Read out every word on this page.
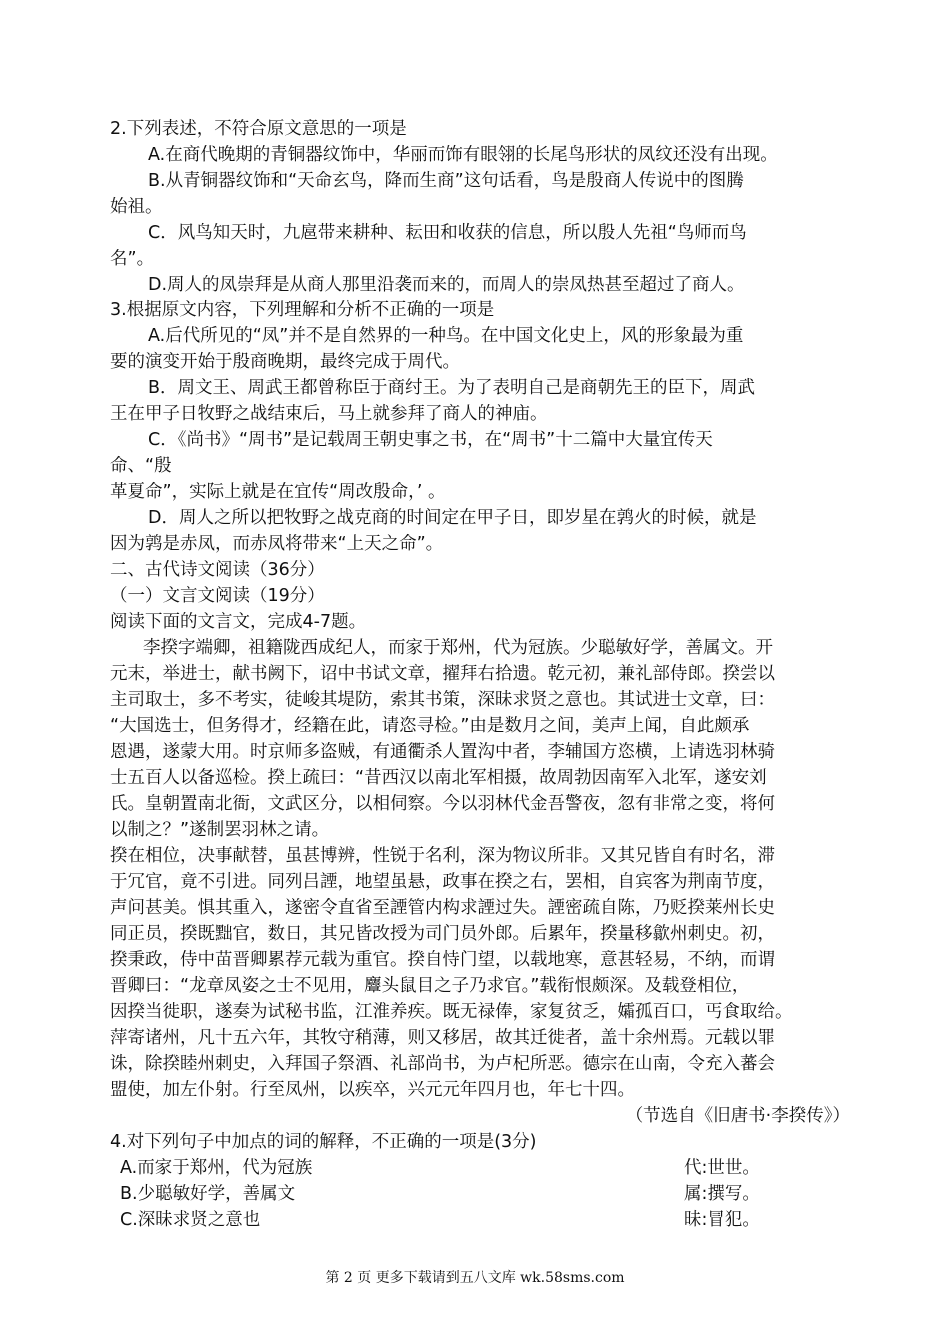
2.下列表述，不符合原文意思的一项是
A.在商代晚期的青铜器纹饰中，华丽而饰有眼翎的长尾鸟形状的凤纹还没有出现。
B.从青铜器纹饰和“天命玄鸟，降而生商”这句话看，鸟是殷商人传说中的图腾
始祖。
C．风鸟知天时，九扈带来耕种、耘田和收获的信息，所以殷人先祖“鸟师而鸟
名”。
D.周人的凤崇拜是从商人那里沿袭而来的，而周人的崇凤热甚至超过了商人。
3.根据原文内容，下列理解和分析不正确的一项是
A.后代所见的“凤”并不是自然界的一种鸟。在中国文化史上，风的形象最为重
要的演变开始于殷商晚期，最终完成于周代。
B．周文王、周武王都曾称臣于商纣王。为了表明自己是商朝先王的臣下，周武
王在甲子日牧野之战结束后，马上就参拜了商人的神庙。
C．《尚书》“周书”是记载周王朝史事之书，在“周书”十二篇中大量宜传天
命、“殷
革夏命”，实际上就是在宜传“周改殷命，’ 。
D．周人之所以把牧野之战克商的时间定在甲子日，即岁星在鹑火的时候，就是
因为鹑是赤凤，而赤凤将带来“上天之命”。
二、古代诗文阅读（36分）
（一）文言文阅读（19分）
阅读下面的文言文，完成4-7题。
李揆字端卿，祖籍陇西成纪人，而家于郑州，代为冠族。少聪敏好学，善属文。开
元末，举进士，献书阙下，诏中书试文章，擢拜右拾遗。乾元初，兼礼部侍郎。揆尝以
主司取士，多不考实，徒峻其堤防，索其书策，深昧求贤之意也。其试进士文章，曰：
“大国选士，但务得才，经籍在此，请恣寻检。”由是数月之间，美声上闻，自此颇承
恩遇，遂蒙大用。时京师多盗贼，有通衢杀人置沟中者，李辅国方恣横，上请选羽林骑
士五百人以备巡检。揆上疏曰：“昔西汉以南北军相摄，故周勃因南军入北军，遂安刘
氏。皇朝置南北衙，文武区分，以相伺察。今以羽林代金吾警夜，忽有非常之变，将何
以制之？”遂制罢羽林之请。
揆在相位，决事献替，虽甚博辨，性锐于名利，深为物议所非。又其兄皆自有时名，滞
于冗官，竟不引进。同列吕諲，地望虽悬，政事在揆之右，罢相，自宾客为荆南节度，
声问甚美。惧其重入，遂密令直省至諲管内构求諲过失。諲密疏自陈，乃贬揆莱州长史
同正员，揆既黜官，数日，其兄皆改授为司门员外郎。后累年，揆量移歙州刺史。初，
揆秉政，侍中苗晋卿累荐元载为重官。揆自恃门望，以载地寒，意甚轻易，不纳，而谓
晋卿曰：“龙章凤姿之士不见用，麞头鼠目之子乃求官。”载衔恨颇深。及载登相位，
因揆当徙职，遂奏为试秘书监，江淮养疾。既无禄俸，家复贫乏，孀孤百口，丐食取给。
萍寄诸州，凡十五六年，其牧守稍薄，则又移居，故其迁徙者，盖十余州焉。元载以罪
诛，除揆睦州刺史，入拜国子祭酒、礼部尚书，为卢杞所恶。德宗在山南，令充入蕃会
盟使，加左仆射。行至凤州，以疾卒，兴元元年四月也，年七十四。
（节选自《旧唐书·李揆传》）
4.对下列句子中加点的词的解释，不正确的一项是(3分)
A.而家于郑州，代为冠族	代:世世。
B.少聪敏好学，善属文	属:撰写。
C.深昧求贤之意也	昧:冒犯。
第 2 页 更多下载请到五八文库 wk.58sms.com
